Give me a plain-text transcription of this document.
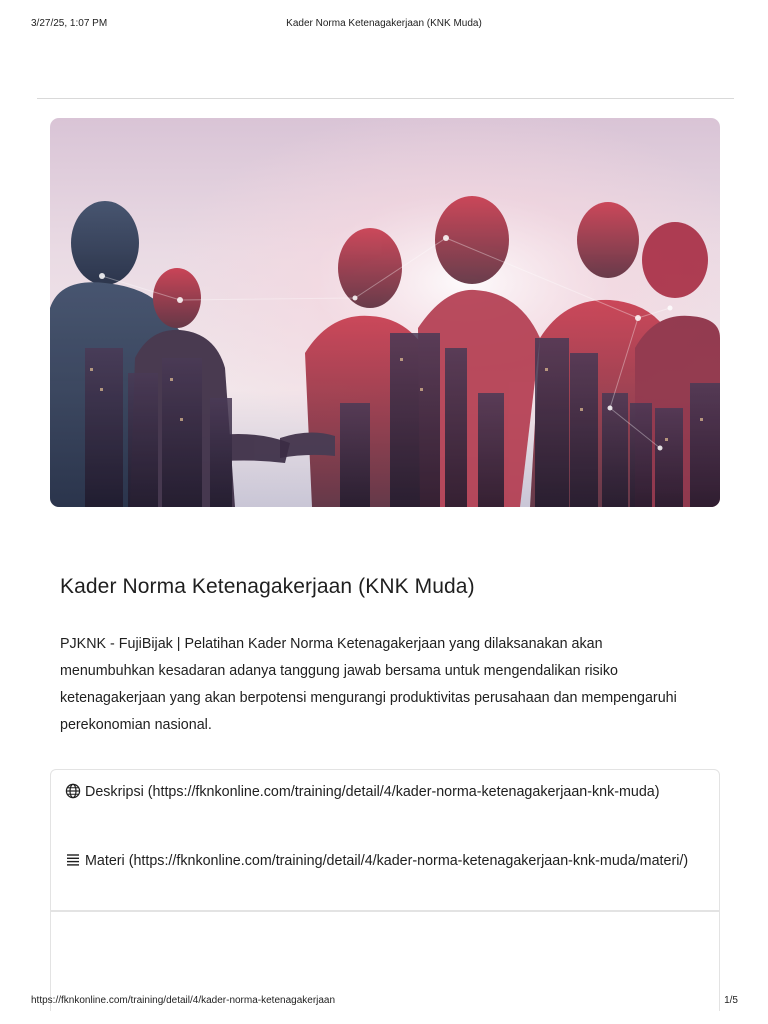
3/27/25, 1:07 PM	Kader Norma Ketenagakerjaan (KNK Muda)
Kader Norma Ketenagakerjaan (KNK Muda)

PJKNK - FujiBijak | Pelatihan Kader Norma Ketenagakerjaan yang dilaksanakan akan menumbuhkan kesadaran adanya tanggung jawab bersama untuk mengendalikan risiko ketenagakerjaan yang akan berpotensi mengurangi produktivitas perusahaan dan mempengaruhi perekonomian nasional.

Deskripsi (https://fknkonline.com/training/detail/4/kader-norma-ketenagakerjaan-knk-muda)
Materi (https://fknkonline.com/training/detail/4/kader-norma-ketenagakerjaan-knk-muda/materi/)
https://fknkonline.com/training/detail/4/kader-norma-ketenagakerjaan	1/5
